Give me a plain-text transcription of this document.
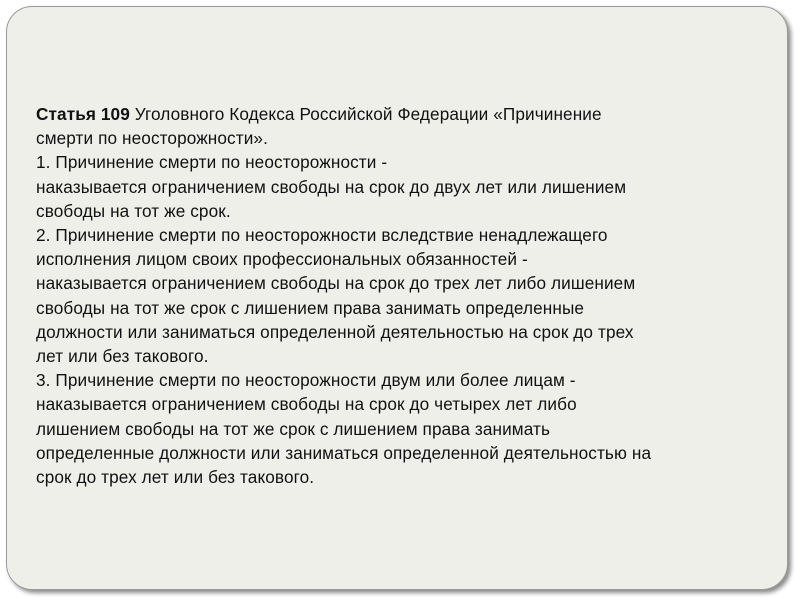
Статья 109 Уголовного Кодекса Российской Федерации «Причинение
смерти по неосторожности».
1. Причинение смерти по неосторожности -
наказывается ограничением свободы на срок до двух лет или лишением
свободы на тот же срок.
2. Причинение смерти по неосторожности вследствие ненадлежащего
исполнения лицом своих профессиональных обязанностей -
наказывается ограничением свободы на срок до трех лет либо лишением
свободы на тот же срок с лишением права занимать определенные
должности или заниматься определенной деятельностью на срок до трех
лет или без такового.
3. Причинение смерти по неосторожности двум или более лицам -
наказывается ограничением свободы на срок до четырех лет либо
лишением свободы на тот же срок с лишением права занимать
определенные должности или заниматься определенной деятельностью на
срок до трех лет или без такового.
